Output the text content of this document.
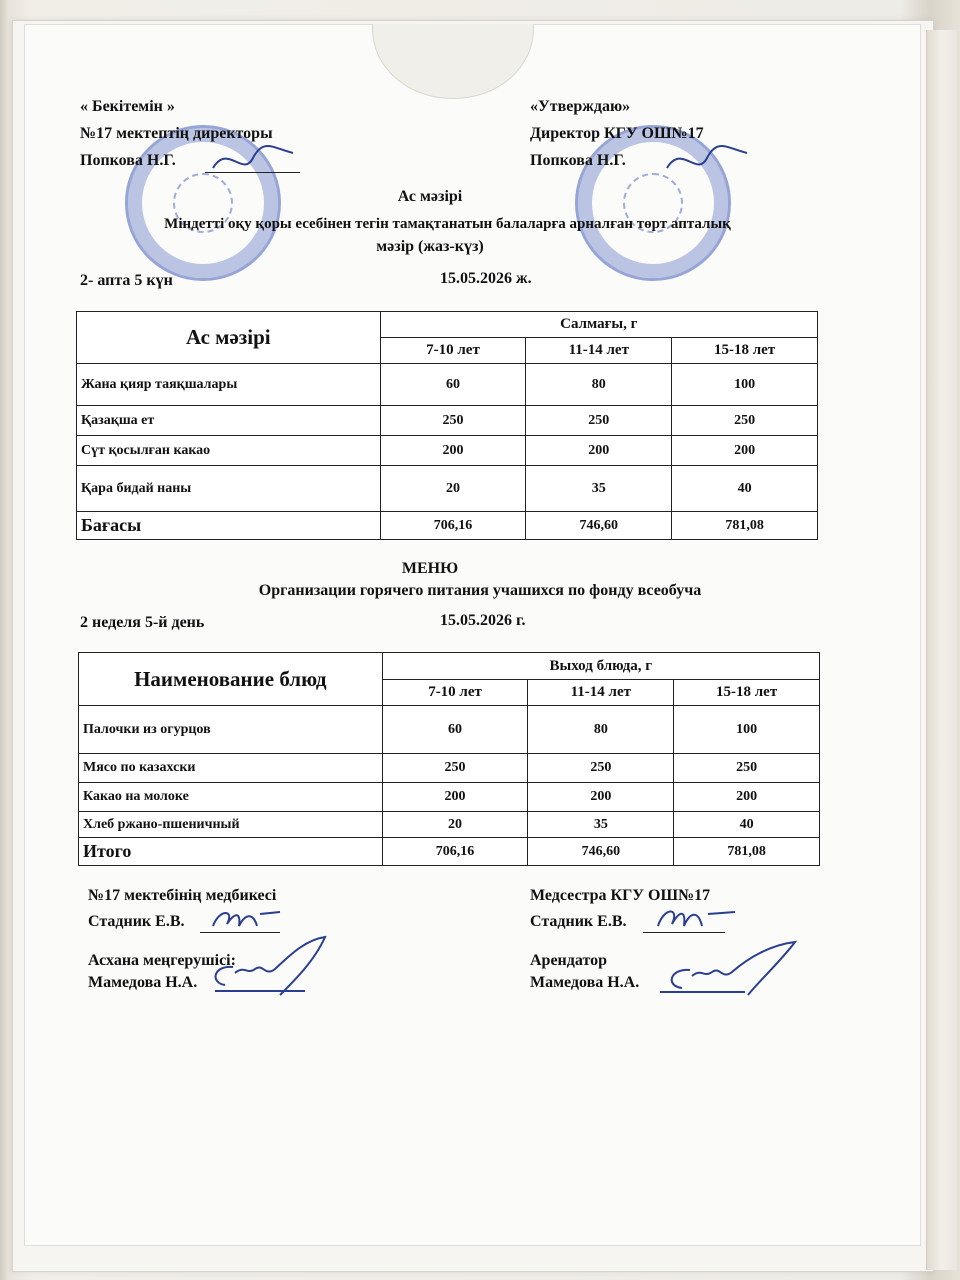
« Бекітемін »
№17 мектептің директоры
Попкова Н.Г.
«Утверждаю»
Директор КГУ ОШ№17
Попкова Н.Г.
Ас мәзірі
Міндетті оқу қоры есебінен тегін тамақтанатын балаларға арналған төрт апталық
мәзір (жаз-күз)
2- апта 5 күн	15.05.2026 ж.
Ас мәзірі	Салмағы, г		
	7-10 лет	11-14 лет	15-18 лет
Жана қияр таяқшалары	60	80	100
Қазақша ет	250	250	250
Сүт қосылған какао	200	200	200
Қара бидай наны	20	35	40
Бағасы	706,16	746,60	781,08
МЕНЮ
Организации горячего питания учашихся по фонду всеобуча
2 неделя 5-й день	15.05.2026 г.
Наименование блюд	Выход блюда, г		
	7-10 лет	11-14 лет	15-18 лет
Палочки из огурцов	60	80	100
Мясо по казахски	250	250	250
Какао на молоке	200	200	200
Хлеб ржано-пшеничный	20	35	40
Итого	706,16	746,60	781,08
№17 мектебінің медбикесі
Стадник Е.В.
Медсестра КГУ ОШ№17
Стадник Е.В.
Асхана меңгерушісі:
Мамедова Н.А.
Арендатор
Мамедова Н.А.
